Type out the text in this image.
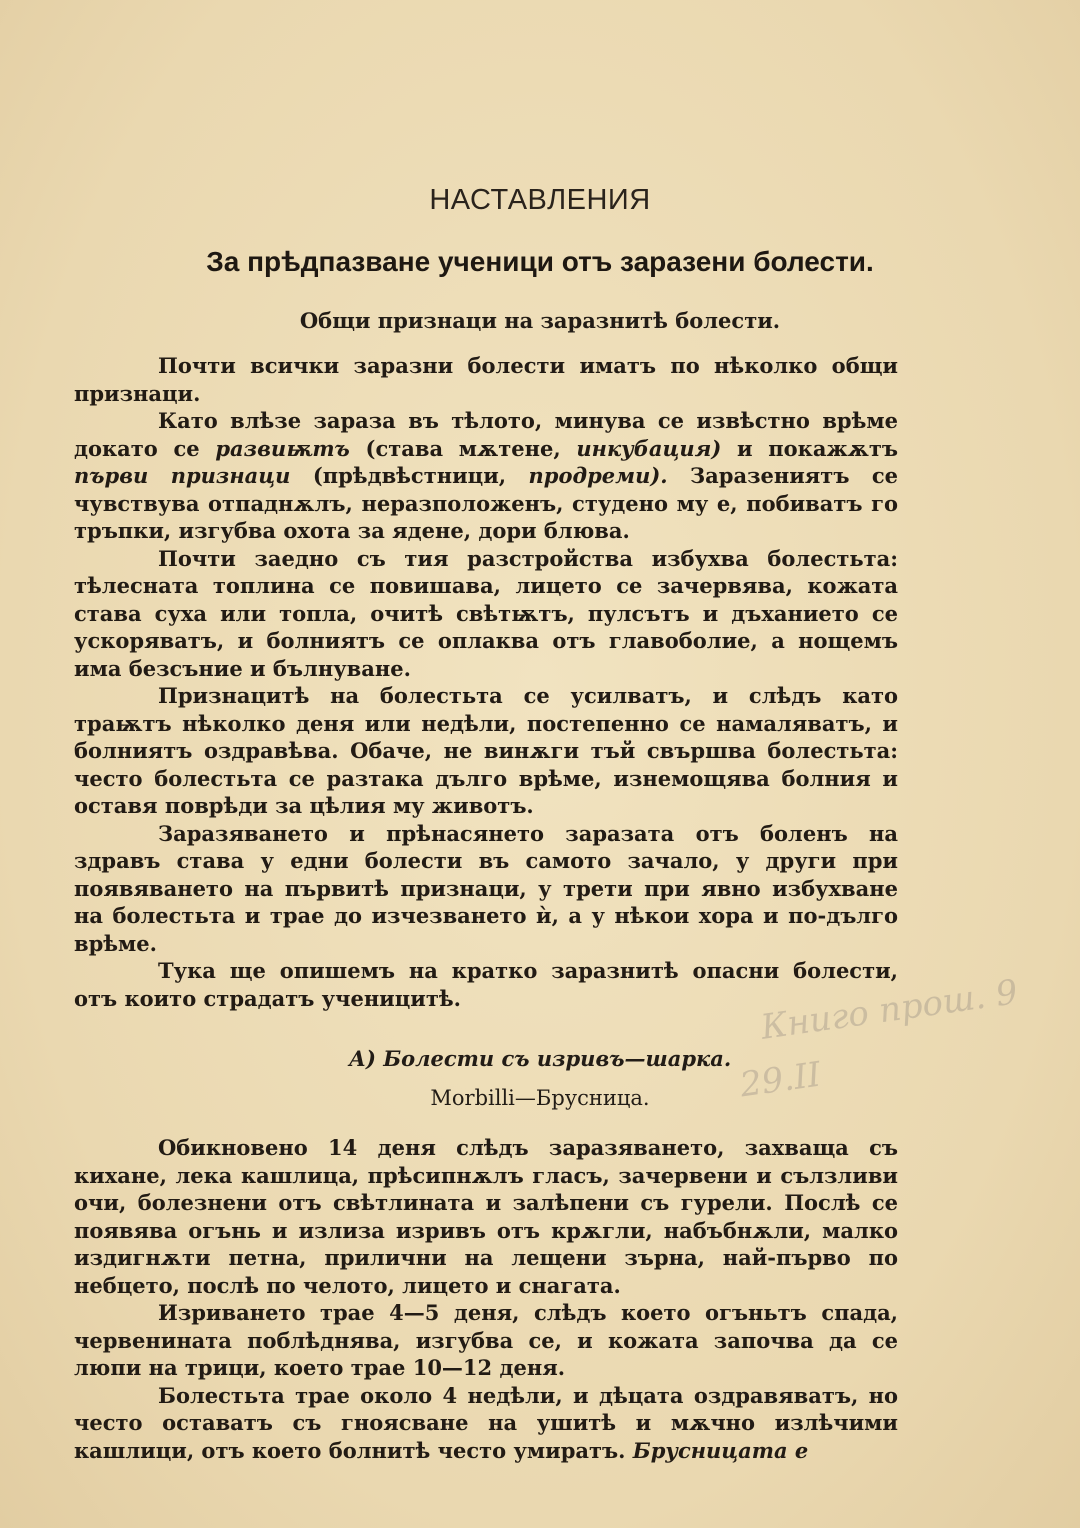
НАСТАВЛЕНИЯ
За прѣдпазване ученици отъ заразени болести.
Общи признаци на заразнитѣ болести.

Почти всички заразни болести иматъ по нѣколко общи признаци.

Като влѣзе зараза въ тѣлото, минува се извѣстно врѣме докато се развиѭтъ (става мѫтене, инкубация) и покажѫтъ първи признаци (прѣдвѣстници, продреми). Заразениятъ се чувствува отпаднѫлъ, неразположенъ, студено му е, побиватъ го тръпки, изгубва охота за ядене, дори блюва.

Почти заедно съ тия разстройства избухва болестьта: тѣлесната топлина се повишава, лицето се зачервява, кожата става суха или топла, очитѣ свѣтѭтъ, пулсътъ и дъханието се ускоряватъ, и болниятъ се оплаква отъ главоболие, а нощемъ има безсъние и бълнуване.

Признацитѣ на болестьта се усилватъ, и слѣдъ като траѭтъ нѣколко деня или недѣли, постепенно се намаляватъ, и болниятъ оздравѣва. Обаче, не винѫги тъй свършва болестьта: често болестьта се разтака дълго врѣме, изнемощява болния и оставя поврѣди за цѣлия му животъ.

Заразяването и прѣнасянето заразата отъ боленъ на здравъ става у едни болести въ самото зачало, у други при появяването на първитѣ признаци, у трети при явно избухване на болестьта и трае до изчезването ѝ, а у нѣкои хора и по-дълго врѣме.

Тука ще опишемъ на кратко заразнитѣ опасни болести, отъ които страдатъ ученицитѣ.

А) Болести съ изривъ—шарка.
Morbilli—Брусница.

Обикновено 14 деня слѣдъ заразяването, захваща съ кихане, лека кашлица, прѣсипнѫлъ гласъ, зачервени и сълзливи очи, болезнени отъ свѣтлината и залѣпени съ гурели. Послѣ се появява огънь и излиза изривъ отъ крѫгли, набъбнѫли, малко издигнѫти петна, прилични на лещени зърна, най-първо по небцето, послѣ по челото, лицето и снагата.

Изриването трае 4—5 деня, слѣдъ което огъньтъ спада, червенината поблѣднява, изгубва се, и кожата започва да се люпи на трици, което трае 10—12 деня.

Болестьта трае около 4 недѣли, и дѣцата оздравяватъ, но често оставатъ съ гноясване на ушитѣ и мѫчно излѣчими кашлици, отъ което болнитѣ често умиратъ. Брусницата е

Книго прош. 9
29.II
